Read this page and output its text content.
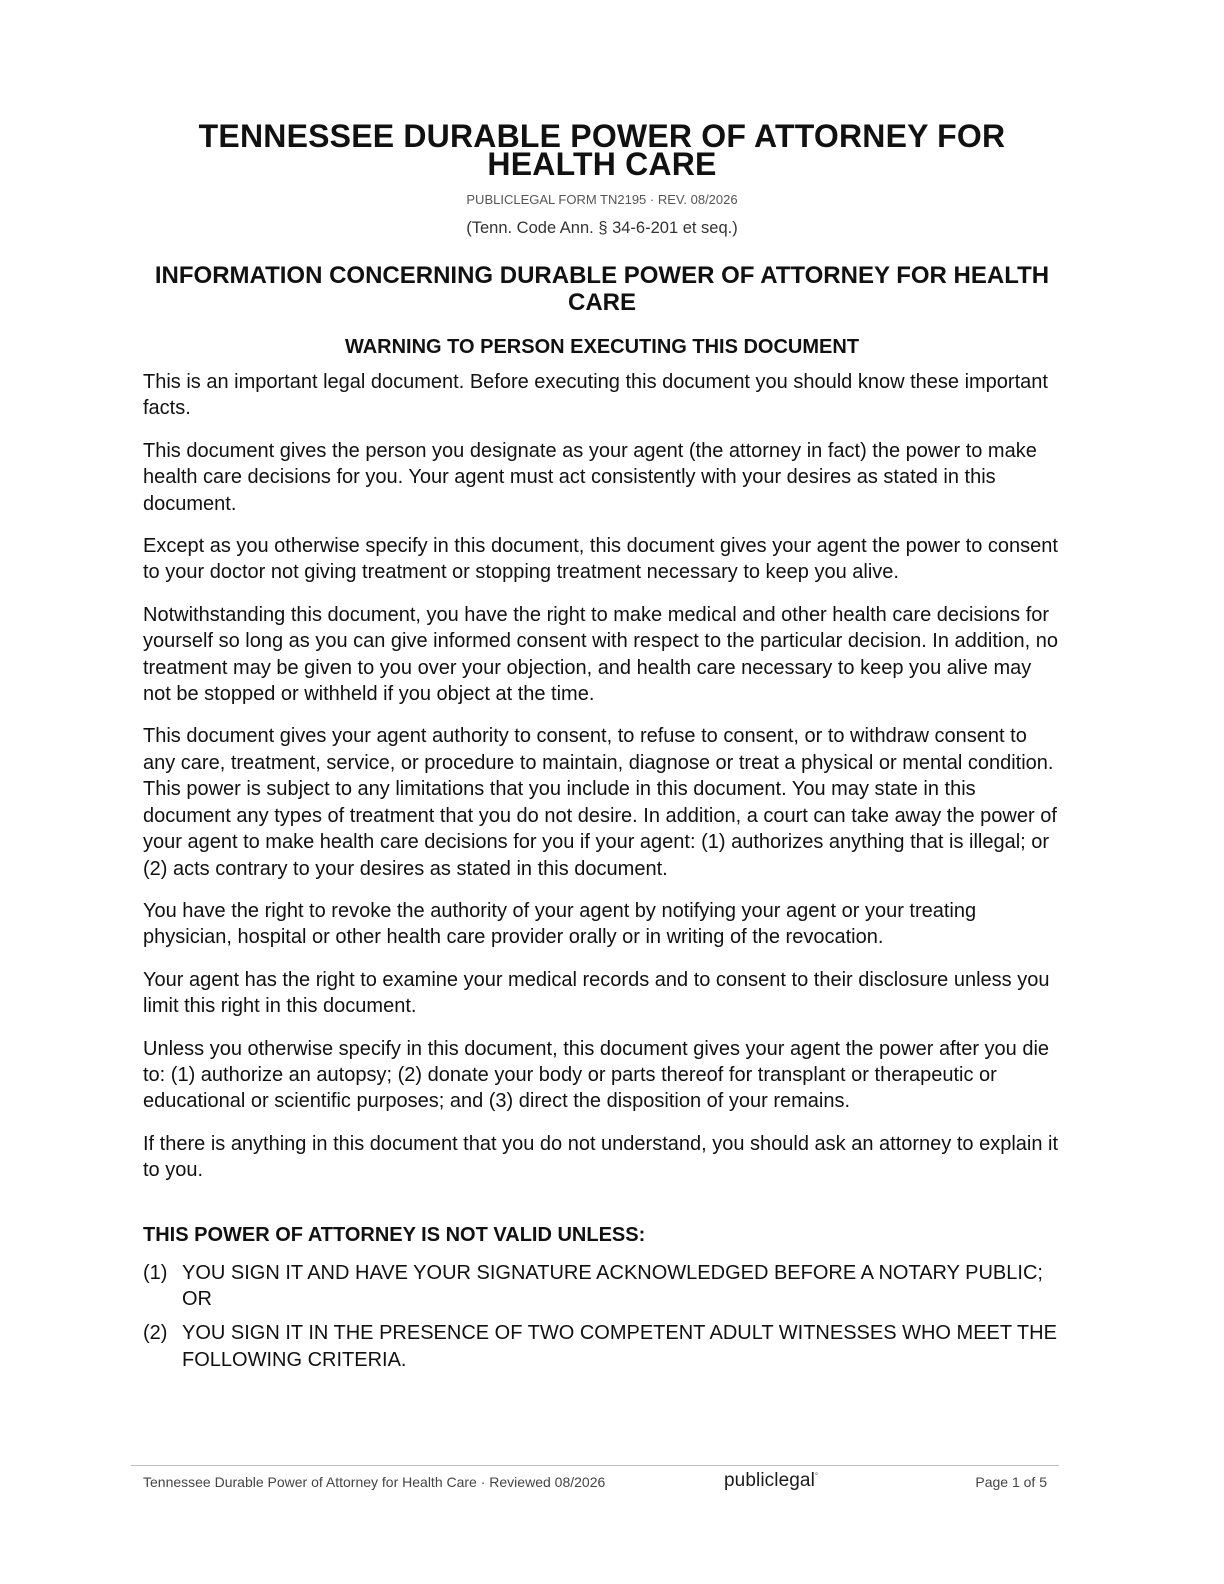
TENNESSEE DURABLE POWER OF ATTORNEY FOR HEALTH CARE
PUBLICLEGAL FORM TN2195 · REV. 08/2026
(Tenn. Code Ann. § 34-6-201 et seq.)
INFORMATION CONCERNING DURABLE POWER OF ATTORNEY FOR HEALTH CARE
WARNING TO PERSON EXECUTING THIS DOCUMENT

This is an important legal document. Before executing this document you should know these important facts.

This document gives the person you designate as your agent (the attorney in fact) the power to make health care decisions for you. Your agent must act consistently with your desires as stated in this document.

Except as you otherwise specify in this document, this document gives your agent the power to consent to your doctor not giving treatment or stopping treatment necessary to keep you alive.

Notwithstanding this document, you have the right to make medical and other health care decisions for yourself so long as you can give informed consent with respect to the particular decision. In addition, no treatment may be given to you over your objection, and health care necessary to keep you alive may not be stopped or withheld if you object at the time.

This document gives your agent authority to consent, to refuse to consent, or to withdraw consent to any care, treatment, service, or procedure to maintain, diagnose or treat a physical or mental condition. This power is subject to any limitations that you include in this document. You may state in this document any types of treatment that you do not desire. In addition, a court can take away the power of your agent to make health care decisions for you if your agent: (1) authorizes anything that is illegal; or (2) acts contrary to your desires as stated in this document.

You have the right to revoke the authority of your agent by notifying your agent or your treating physician, hospital or other health care provider orally or in writing of the revocation.

Your agent has the right to examine your medical records and to consent to their disclosure unless you limit this right in this document.

Unless you otherwise specify in this document, this document gives your agent the power after you die to: (1) authorize an autopsy; (2) donate your body or parts thereof for transplant or therapeutic or educational or scientific purposes; and (3) direct the disposition of your remains.

If there is anything in this document that you do not understand, you should ask an attorney to explain it to you.

THIS POWER OF ATTORNEY IS NOT VALID UNLESS:
(1) YOU SIGN IT AND HAVE YOUR SIGNATURE ACKNOWLEDGED BEFORE A NOTARY PUBLIC; OR
(2) YOU SIGN IT IN THE PRESENCE OF TWO COMPETENT ADULT WITNESSES WHO MEET THE FOLLOWING CRITERIA.
Tennessee Durable Power of Attorney for Health Care · Reviewed 08/2026	publiclegal°	Page 1 of 5
